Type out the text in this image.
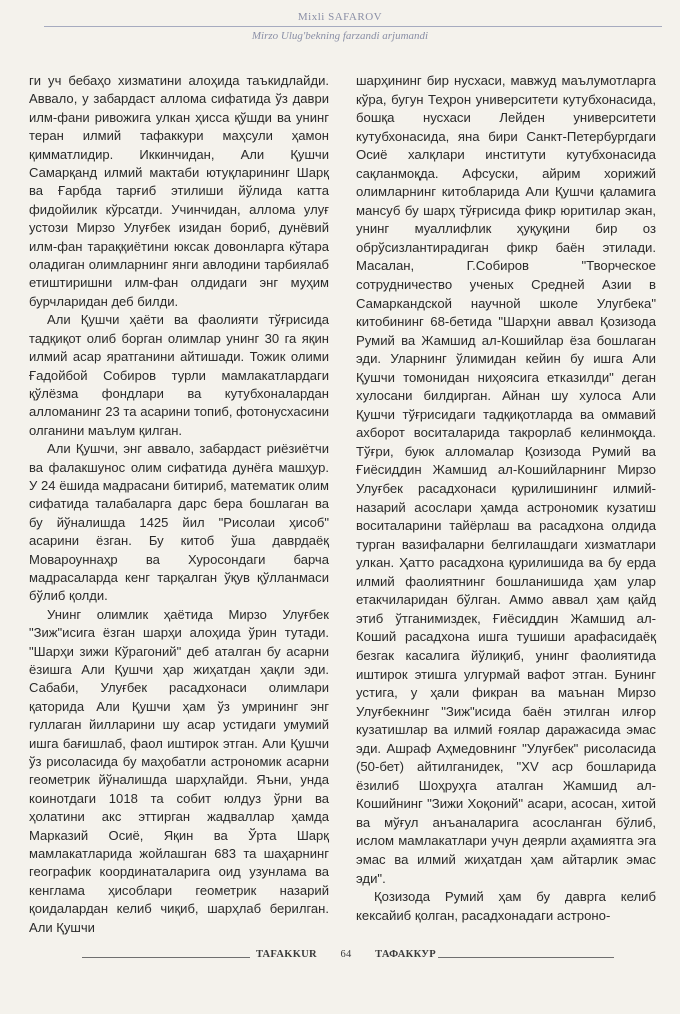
Mixli SAFAROV
Mirzo Ulug'bekning farzandi arjumandi

ги уч бебаҳо хизматини алоҳида таъкидлайди. Аввало, у забардаст аллома сифатида ўз даври илм-фани ривожига улкан ҳисса қўшди ва унинг теран илмий тафаккури маҳсули ҳамон қимматлидир. Иккинчидан, Али Қушчи Самарқанд илмий мактаби ютуқларининг Шарқ ва Ғарбда тарғиб этилиши йўлида катта фидойилик кўрсатди. Учинчидан, аллома улуғ устози Мирзо Улуғбек изидан бориб, дунёвий илм-фан тараққиётини юксак довонларга кўтара оладиган олимларнинг янги авлодини тарбиялаб етиштиришни илм-фан олдидаги энг муҳим бурчларидан деб билди.

Али Қушчи ҳаёти ва фаолияти тўғрисида тадқиқот олиб борган олимлар унинг 30 га яқин илмий асар яратганини айтишади. Тожик олими Ғадойбой Собиров турли мамлакатлардаги қўлёзма фондлари ва кутубхоналардан алломанинг 23 та асарини топиб, фотонусхасини олганини маълум қилган.

Али Қушчи, энг аввало, забардаст риёзиётчи ва фалакшунос олим сифатида дунёга машҳур. У 24 ёшида мадрасани битириб, математик олим сифатида талабаларга дарс бера бошлаган ва бу йўналишда 1425 йил "Рисолаи ҳисоб" асарини ёзган. Бу китоб ўша даврдаёқ Мовароуннаҳр ва Хуросондаги барча мадрасаларда кенг тарқалган ўқув қўлланмаси бўлиб қолди.

Унинг олимлик ҳаётида Мирзо Улуғбек "Зиж"исига ёзган шарҳи алоҳида ўрин тутади. "Шарҳи зижи Кўрагоний" деб аталган бу асарни ёзишга Али Қушчи ҳар жиҳатдан ҳақли эди. Сабаби, Улуғбек расадхонаси олимлари қаторида Али Қушчи ҳам ўз умрининг энг гуллаган йилларини шу асар устидаги умумий ишга бағишлаб, фаол иштирок этган. Али Қушчи ўз рисоласида бу маҳобатли астрономик асарни геометрик йўналишда шарҳлайди. Яъни, унда коинотдаги 1018 та собит юлдуз ўрни ва ҳолатини акс эттирган жадваллар ҳамда Марказий Осиё, Яқин ва Ўрта Шарқ мамлакатларида жойлашган 683 та шаҳарнинг географик координаталарига оид узунлама ва кенглама ҳисоблари геометрик назарий қоидалардан келиб чиқиб, шарҳлаб берилган. Али Қушчи

шарҳининг бир нусхаси, мавжуд маълумотларга кўра, бугун Теҳрон университети кутубхонасида, бошқа нусхаси Лейден университети кутубхонасида, яна бири Санкт-Петербургдаги Осиё халқлари институти кутубхонасида сақланмоқда. Афсуски, айрим хорижий олимларнинг китобларида Али Қушчи қаламига мансуб бу шарҳ тўғрисида фикр юритилар экан, унинг муаллифлик ҳуқуқини бир оз обрўсизлантирадиган фикр баён этилади. Масалан, Г.Собиров "Творческое сотрудничество ученых Средней Азии в Самаркандской научной школе Улугбека" китобининг 68-бетида "Шарҳни аввал Қозизода Румий ва Жамшид ал-Кошийлар ёза бошлаган эди. Уларнинг ўлимидан кейин бу ишга Али Қушчи томонидан ниҳоясига етказилди" деган хулосани билдирган. Айнан шу хулоса Али Қушчи тўғрисидаги тадқиқотларда ва оммавий ахборот воситаларида такрорлаб келинмоқда. Тўғри, буюк алломалар Қозизода Румий ва Ғиёсиддин Жамшид ал-Кошийларнинг Мирзо Улуғбек расадхонаси қурилишининг илмий-назарий асослари ҳамда астрономик кузатиш воситаларини тайёрлаш ва расадхона олдида турган вазифаларни белгилашдаги хизматлари улкан. Ҳатто расадхона қурилишида ва бу ерда илмий фаолиятнинг бошланишида ҳам улар етакчиларидан бўлган. Аммо аввал ҳам қайд этиб ўтганимиздек, Ғиёсиддин Жамшид ал-Коший расадхона ишга тушиши арафасидаёқ безгак касалига йўлиқиб, унинг фаолиятида иштирок этишга улгурмай вафот этган. Бунинг устига, у ҳали фикран ва маънан Мирзо Улуғбекнинг "Зиж"исида баён этилган илғор кузатишлар ва илмий ғоялар даражасида эмас эди. Ашраф Аҳмедовнинг "Улуғбек" рисоласида (50-бет) айтилганидек, "XV аср бошларида ёзилиб Шоҳруҳга аталган Жамшид ал-Кошийнинг "Зижи Хоқоний" асари, асосан, хитой ва мўғул анъаналарига асосланган бўлиб, ислом мамлакатлари учун деярли аҳамиятга эга эмас ва илмий жиҳатдан ҳам айтарлик эмас эди".

Қозизода Румий ҳам бу даврга келиб кексайиб қолган, расадхонадаги астроно-

TAFAKKUR 64 ТАФАККУР
